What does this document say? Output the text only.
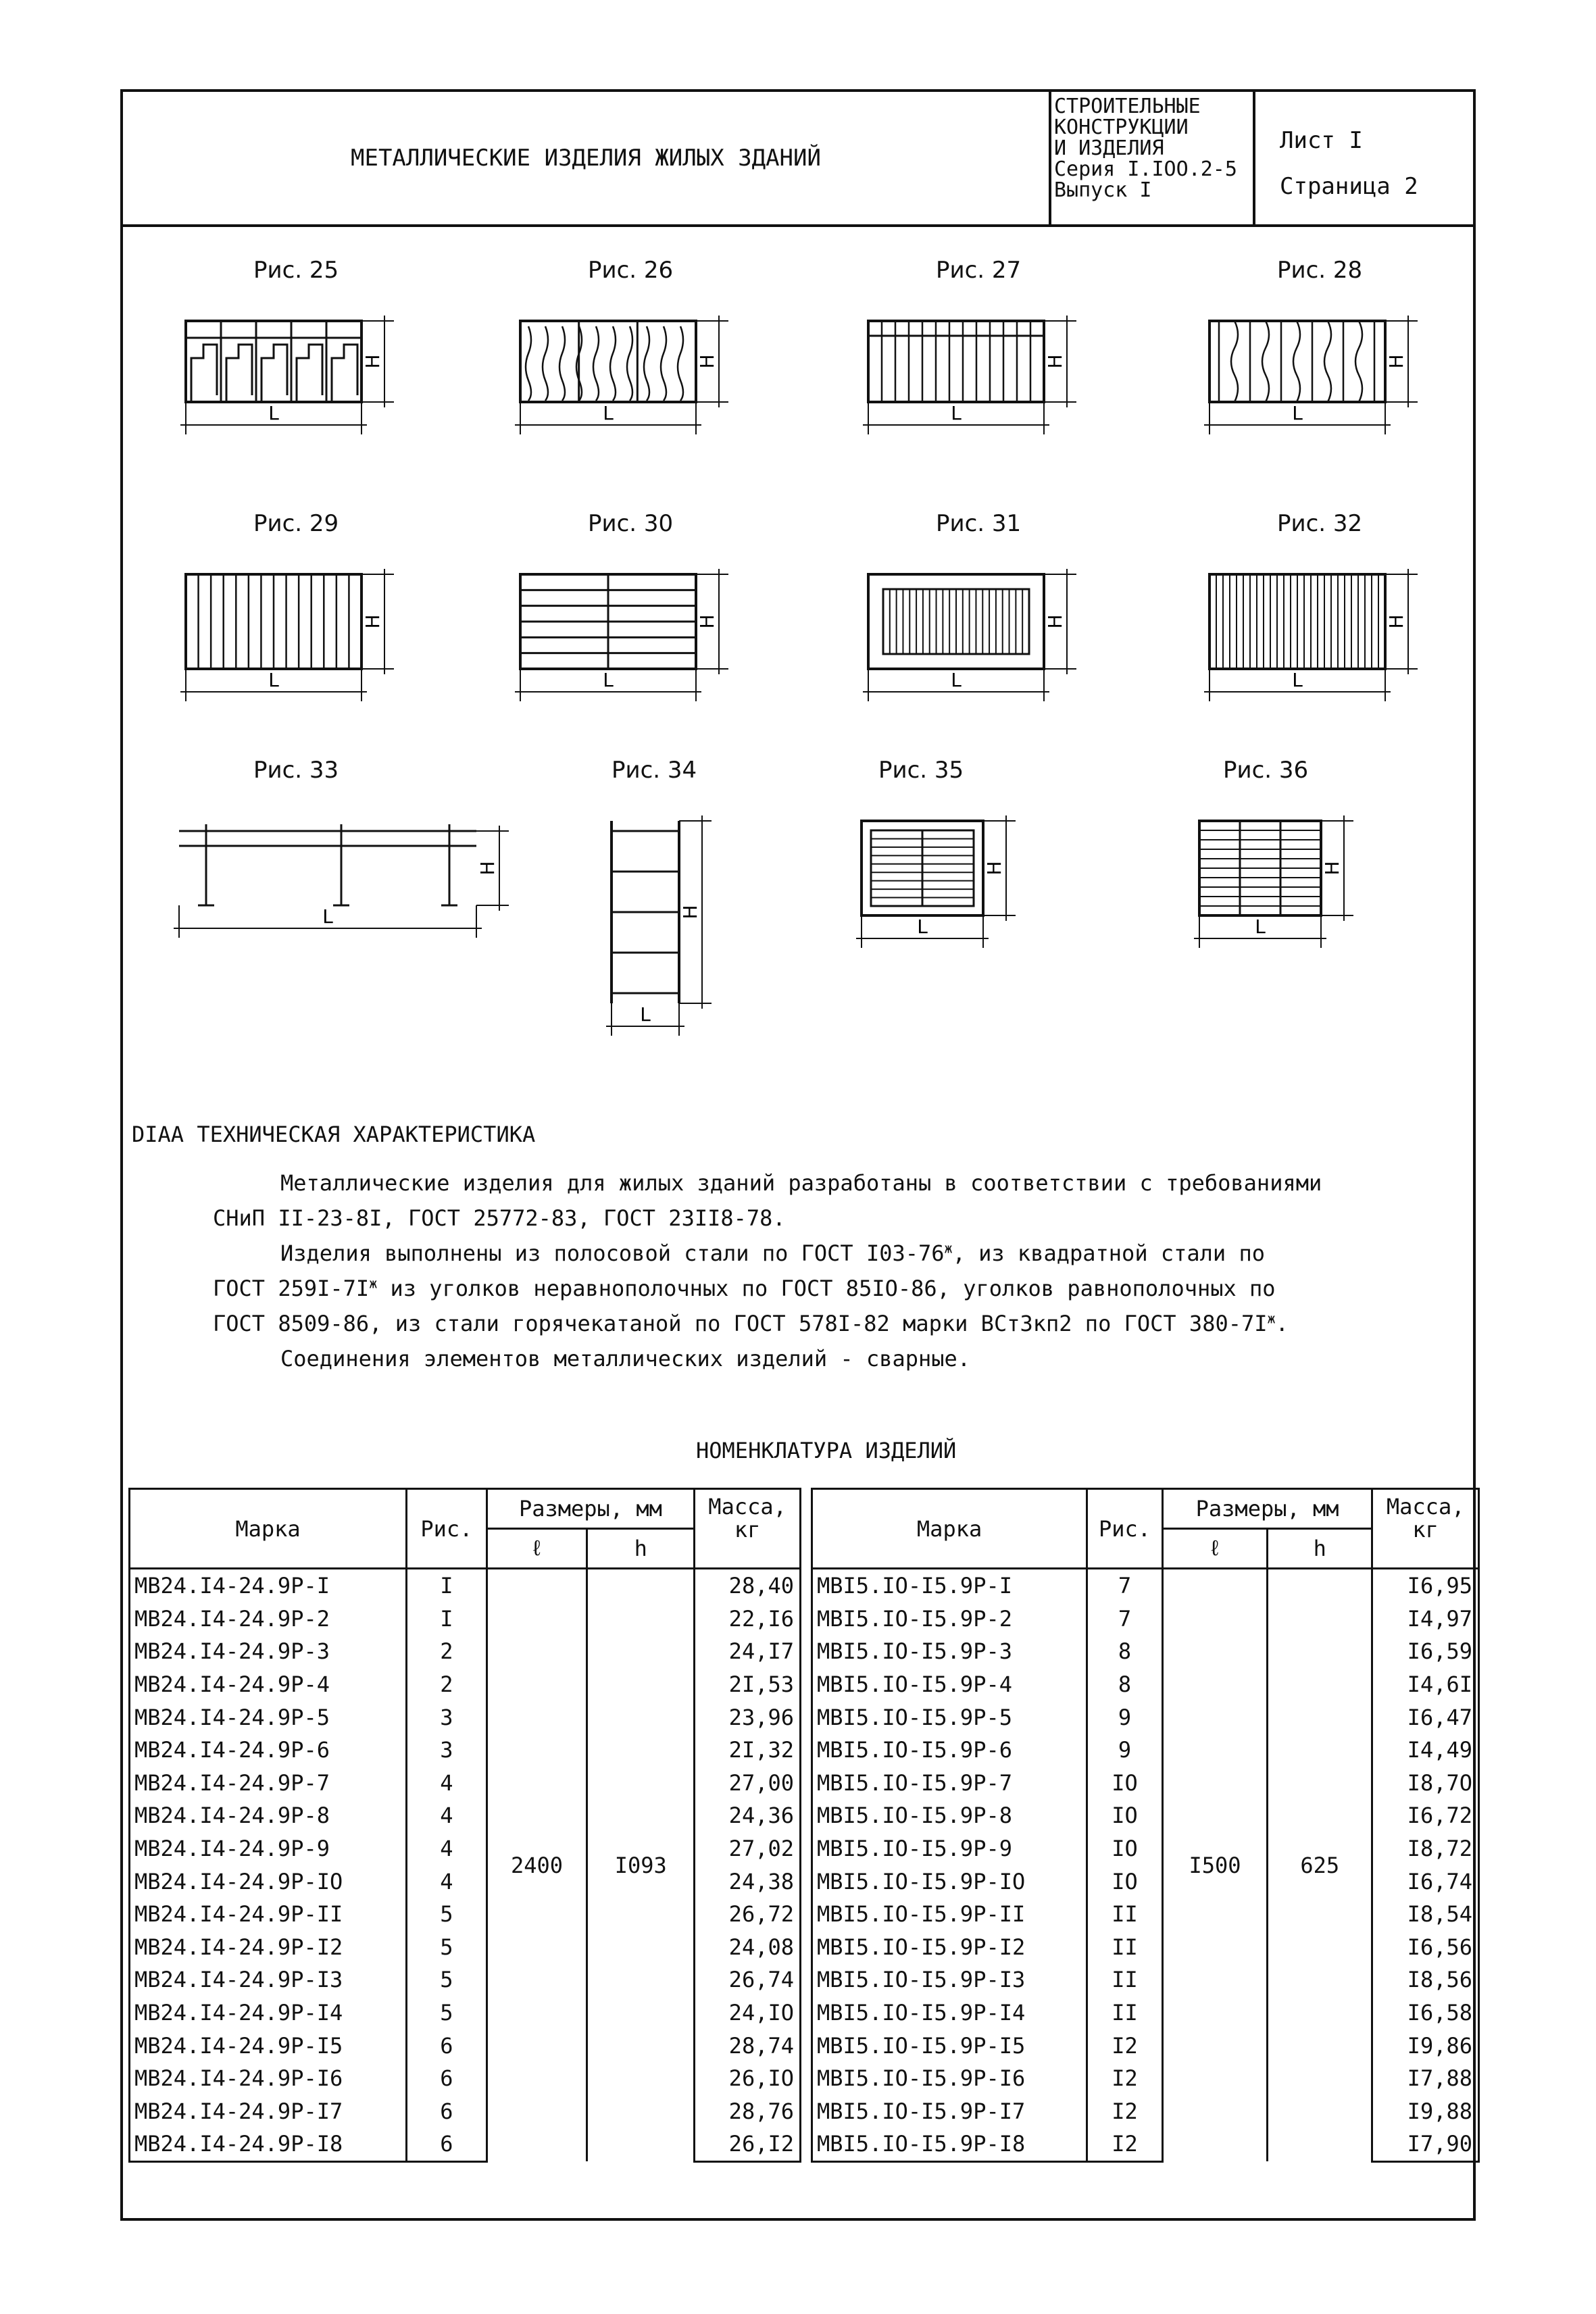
МЕТАЛЛИЧЕСКИЕ ИЗДЕЛИЯ ЖИЛЫХ ЗДАНИЙ
СТРОИТЕЛЬНЫЕ
КОНСТРУКЦИИ
И ИЗДЕЛИЯ
Серия I.IOO.2-5
Выпуск I
Лист I
Страница 2
Рис. 25
L
Н
Рис. 26
L
Н
Рис. 27
L
Н
Рис. 28
L
Н
Рис. 29
L
Н
Рис. 30
L
Н
Рис. 31
L
Н
Рис. 32
L
Н
Рис. 33
L
Н
Рис. 34
L
Н
Рис. 35
L
Н
Рис. 36
L
Н
DIAA ТЕХНИЧЕСКАЯ ХАРАКТЕРИСТИКА

Металлические изделия для жилых зданий разработаны в соответствии с требованиями

СНиП II-23-8I, ГОСТ 25772-83, ГОСТ 23II8-78.

Изделия выполнены из полосовой стали по ГОСТ $I03-76^ж$, из квадратной стали по

ГОСТ $259I-7I^ж$ из уголков неравнополочных по ГОСТ 85IO-86, уголков равнополочных по

ГОСТ 8509-86, из стали горячекатаной по ГОСТ 578I-82 марки ВСт3кп2 по ГОСТ $380-7I^ж$.

Соединения элементов металлических изделий - сварные.

НОМЕНКЛАТУРА ИЗДЕЛИЙ
Марка	Рис.	Размеры, мм		Масса, кг
		ℓ	h	
МВ24.I4-24.9Р-I	I	2400	I093	28,40
МВ24.I4-24.9Р-2	I			22,I6
МВ24.I4-24.9Р-3	2			24,I7
МВ24.I4-24.9Р-4	2			2I,53
МВ24.I4-24.9Р-5	3			23,96
МВ24.I4-24.9Р-6	3			2I,32
МВ24.I4-24.9Р-7	4			27,00
МВ24.I4-24.9Р-8	4			24,36
МВ24.I4-24.9Р-9	4			27,02
МВ24.I4-24.9Р-IO	4			24,38
МВ24.I4-24.9Р-II	5			26,72
МВ24.I4-24.9Р-I2	5			24,08
МВ24.I4-24.9Р-I3	5			26,74
МВ24.I4-24.9Р-I4	5			24,IO
МВ24.I4-24.9Р-I5	6			28,74
МВ24.I4-24.9Р-I6	6			26,IO
МВ24.I4-24.9Р-I7	6			28,76
МВ24.I4-24.9Р-I8	6			26,I2
Марка	Рис.	Размеры, мм		Масса, кг
		ℓ	h	
МВI5.IO-I5.9Р-I	7	I500	625	I6,95
МВI5.IO-I5.9Р-2	7			I4,97
МВI5.IO-I5.9Р-3	8			I6,59
МВI5.IO-I5.9Р-4	8			I4,6I
МВI5.IO-I5.9Р-5	9			I6,47
МВI5.IO-I5.9Р-6	9			I4,49
МВI5.IO-I5.9Р-7	IO			I8,7O
МВI5.IO-I5.9Р-8	IO			I6,72
МВI5.IO-I5.9Р-9	IO			I8,72
МВI5.IO-I5.9Р-IO	IO			I6,74
МВI5.IO-I5.9Р-II	II			I8,54
МВI5.IO-I5.9Р-I2	II			I6,56
МВI5.IO-I5.9Р-I3	II			I8,56
МВI5.IO-I5.9Р-I4	II			I6,58
МВI5.IO-I5.9Р-I5	I2			I9,86
МВI5.IO-I5.9Р-I6	I2			I7,88
МВI5.IO-I5.9Р-I7	I2			I9,88
МВI5.IO-I5.9Р-I8	I2			I7,90
